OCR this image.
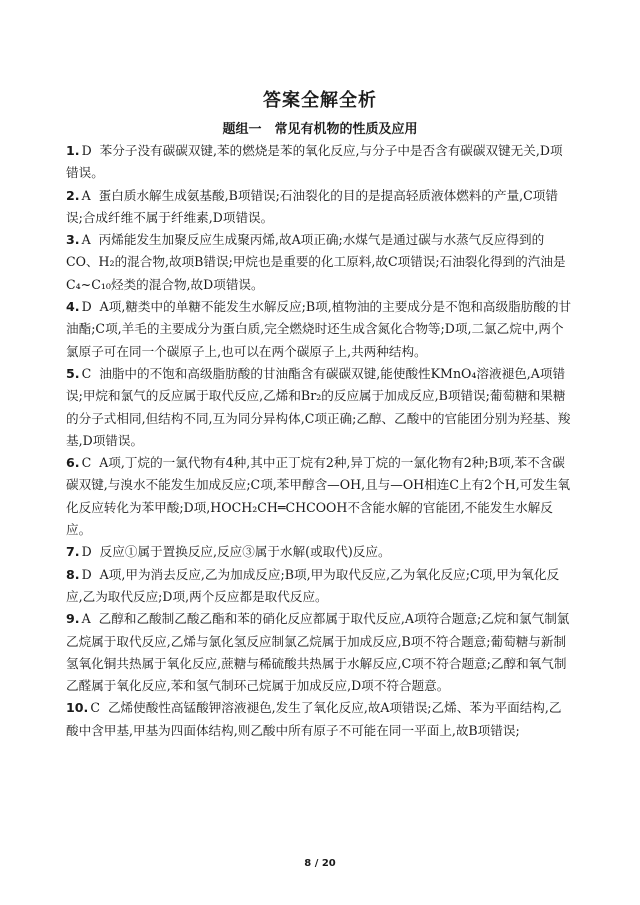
答案全解全析
题组一　常见有机物的性质及应用

1. D 苯分子没有碳碳双键,苯的燃烧是苯的氧化反应,与分子中是否含有碳碳双键无关,D项错误。

2. A 蛋白质水解生成氨基酸,B项错误;石油裂化的目的是提高轻质液体燃料的产量,C项错误;合成纤维不属于纤维素,D项错误。

3. A 丙烯能发生加聚反应生成聚丙烯,故A项正确;水煤气是通过碳与水蒸气反应得到的CO、H₂的混合物,故项B错误;甲烷也是重要的化工原料,故C项错误;石油裂化得到的汽油是C₄~C₁₀烃类的混合物,故D项错误。

4. D A项,糖类中的单糖不能发生水解反应;B项,植物油的主要成分是不饱和高级脂肪酸的甘油酯;C项,羊毛的主要成分为蛋白质,完全燃烧时还生成含氮化合物等;D项,二氯乙烷中,两个氯原子可在同一个碳原子上,也可以在两个碳原子上,共两种结构。

5. C 油脂中的不饱和高级脂肪酸的甘油酯含有碳碳双键,能使酸性KMnO₄溶液褪色,A项错误;甲烷和氯气的反应属于取代反应,乙烯和Br₂的反应属于加成反应,B项错误;葡萄糖和果糖的分子式相同,但结构不同,互为同分异构体,C项正确;乙醇、乙酸中的官能团分别为羟基、羧基,D项错误。

6. C A项,丁烷的一氯代物有4种,其中正丁烷有2种,异丁烷的一氯化物有2种;B项,苯不含碳碳双键,与溴水不能发生加成反应;C项,苯甲醇含—OH,且与—OH相连C上有2个H,可发生氧化反应转化为苯甲酸;D项,HOCH₂CH═CHCOOH不含能水解的官能团,不能发生水解反应。

7. D 反应①属于置换反应,反应③属于水解(或取代)反应。

8. D A项,甲为消去反应,乙为加成反应;B项,甲为取代反应,乙为氧化反应;C项,甲为氧化反应,乙为取代反应;D项,两个反应都是取代反应。

9. A 乙醇和乙酸制乙酸乙酯和苯的硝化反应都属于取代反应,A项符合题意;乙烷和氯气制氯乙烷属于取代反应,乙烯与氯化氢反应制氯乙烷属于加成反应,B项不符合题意;葡萄糖与新制氢氧化铜共热属于氧化反应,蔗糖与稀硫酸共热属于水解反应,C项不符合题意;乙醇和氧气制乙醛属于氧化反应,苯和氢气制环己烷属于加成反应,D项不符合题意。

10. C 乙烯使酸性高锰酸钾溶液褪色,发生了氧化反应,故A项错误;乙烯、苯为平面结构,乙酸中含甲基,甲基为四面体结构,则乙酸中所有原子不可能在同一平面上,故B项错误;

8 / 20
